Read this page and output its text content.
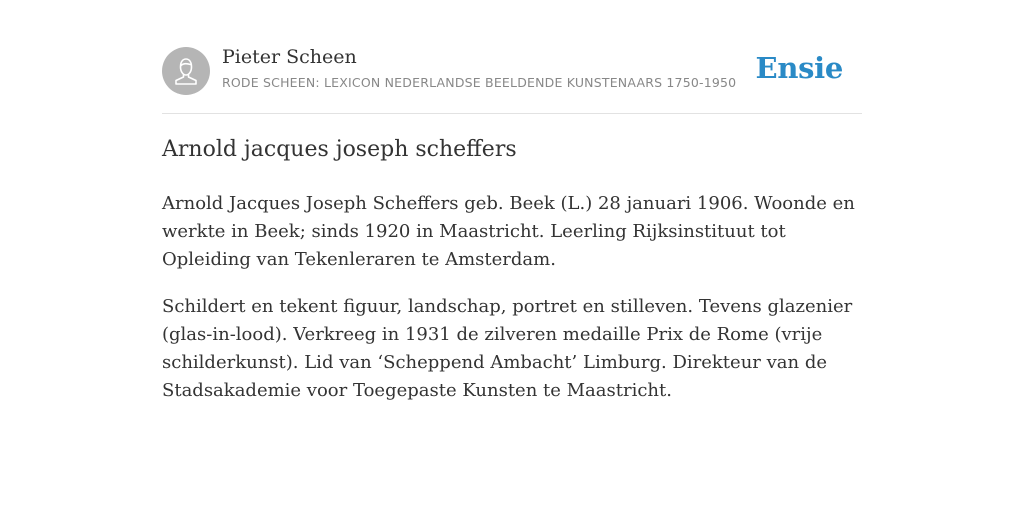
Pieter Scheen
RODE SCHEEN: LEXICON NEDERLANDSE BEELDENDE KUNSTENAARS 1750-1950 Ensie
Arnold jacques joseph scheffers

Arnold Jacques Joseph Scheffers geb. Beek (L.) 28 januari 1906. Woonde en werkte in Beek; sinds 1920 in Maastricht. Leerling Rijksinstituut tot Opleiding van Tekenleraren te Amsterdam.

Schildert en tekent figuur, landschap, portret en stilleven. Tevens glazenier (glas-in-lood). Verkreeg in 1931 de zilveren medaille Prix de Rome (vrije schilderkunst). Lid van ‘Scheppend Ambacht’ Limburg. Direkteur van de Stadsakademie voor Toegepaste Kunsten te Maastricht.
